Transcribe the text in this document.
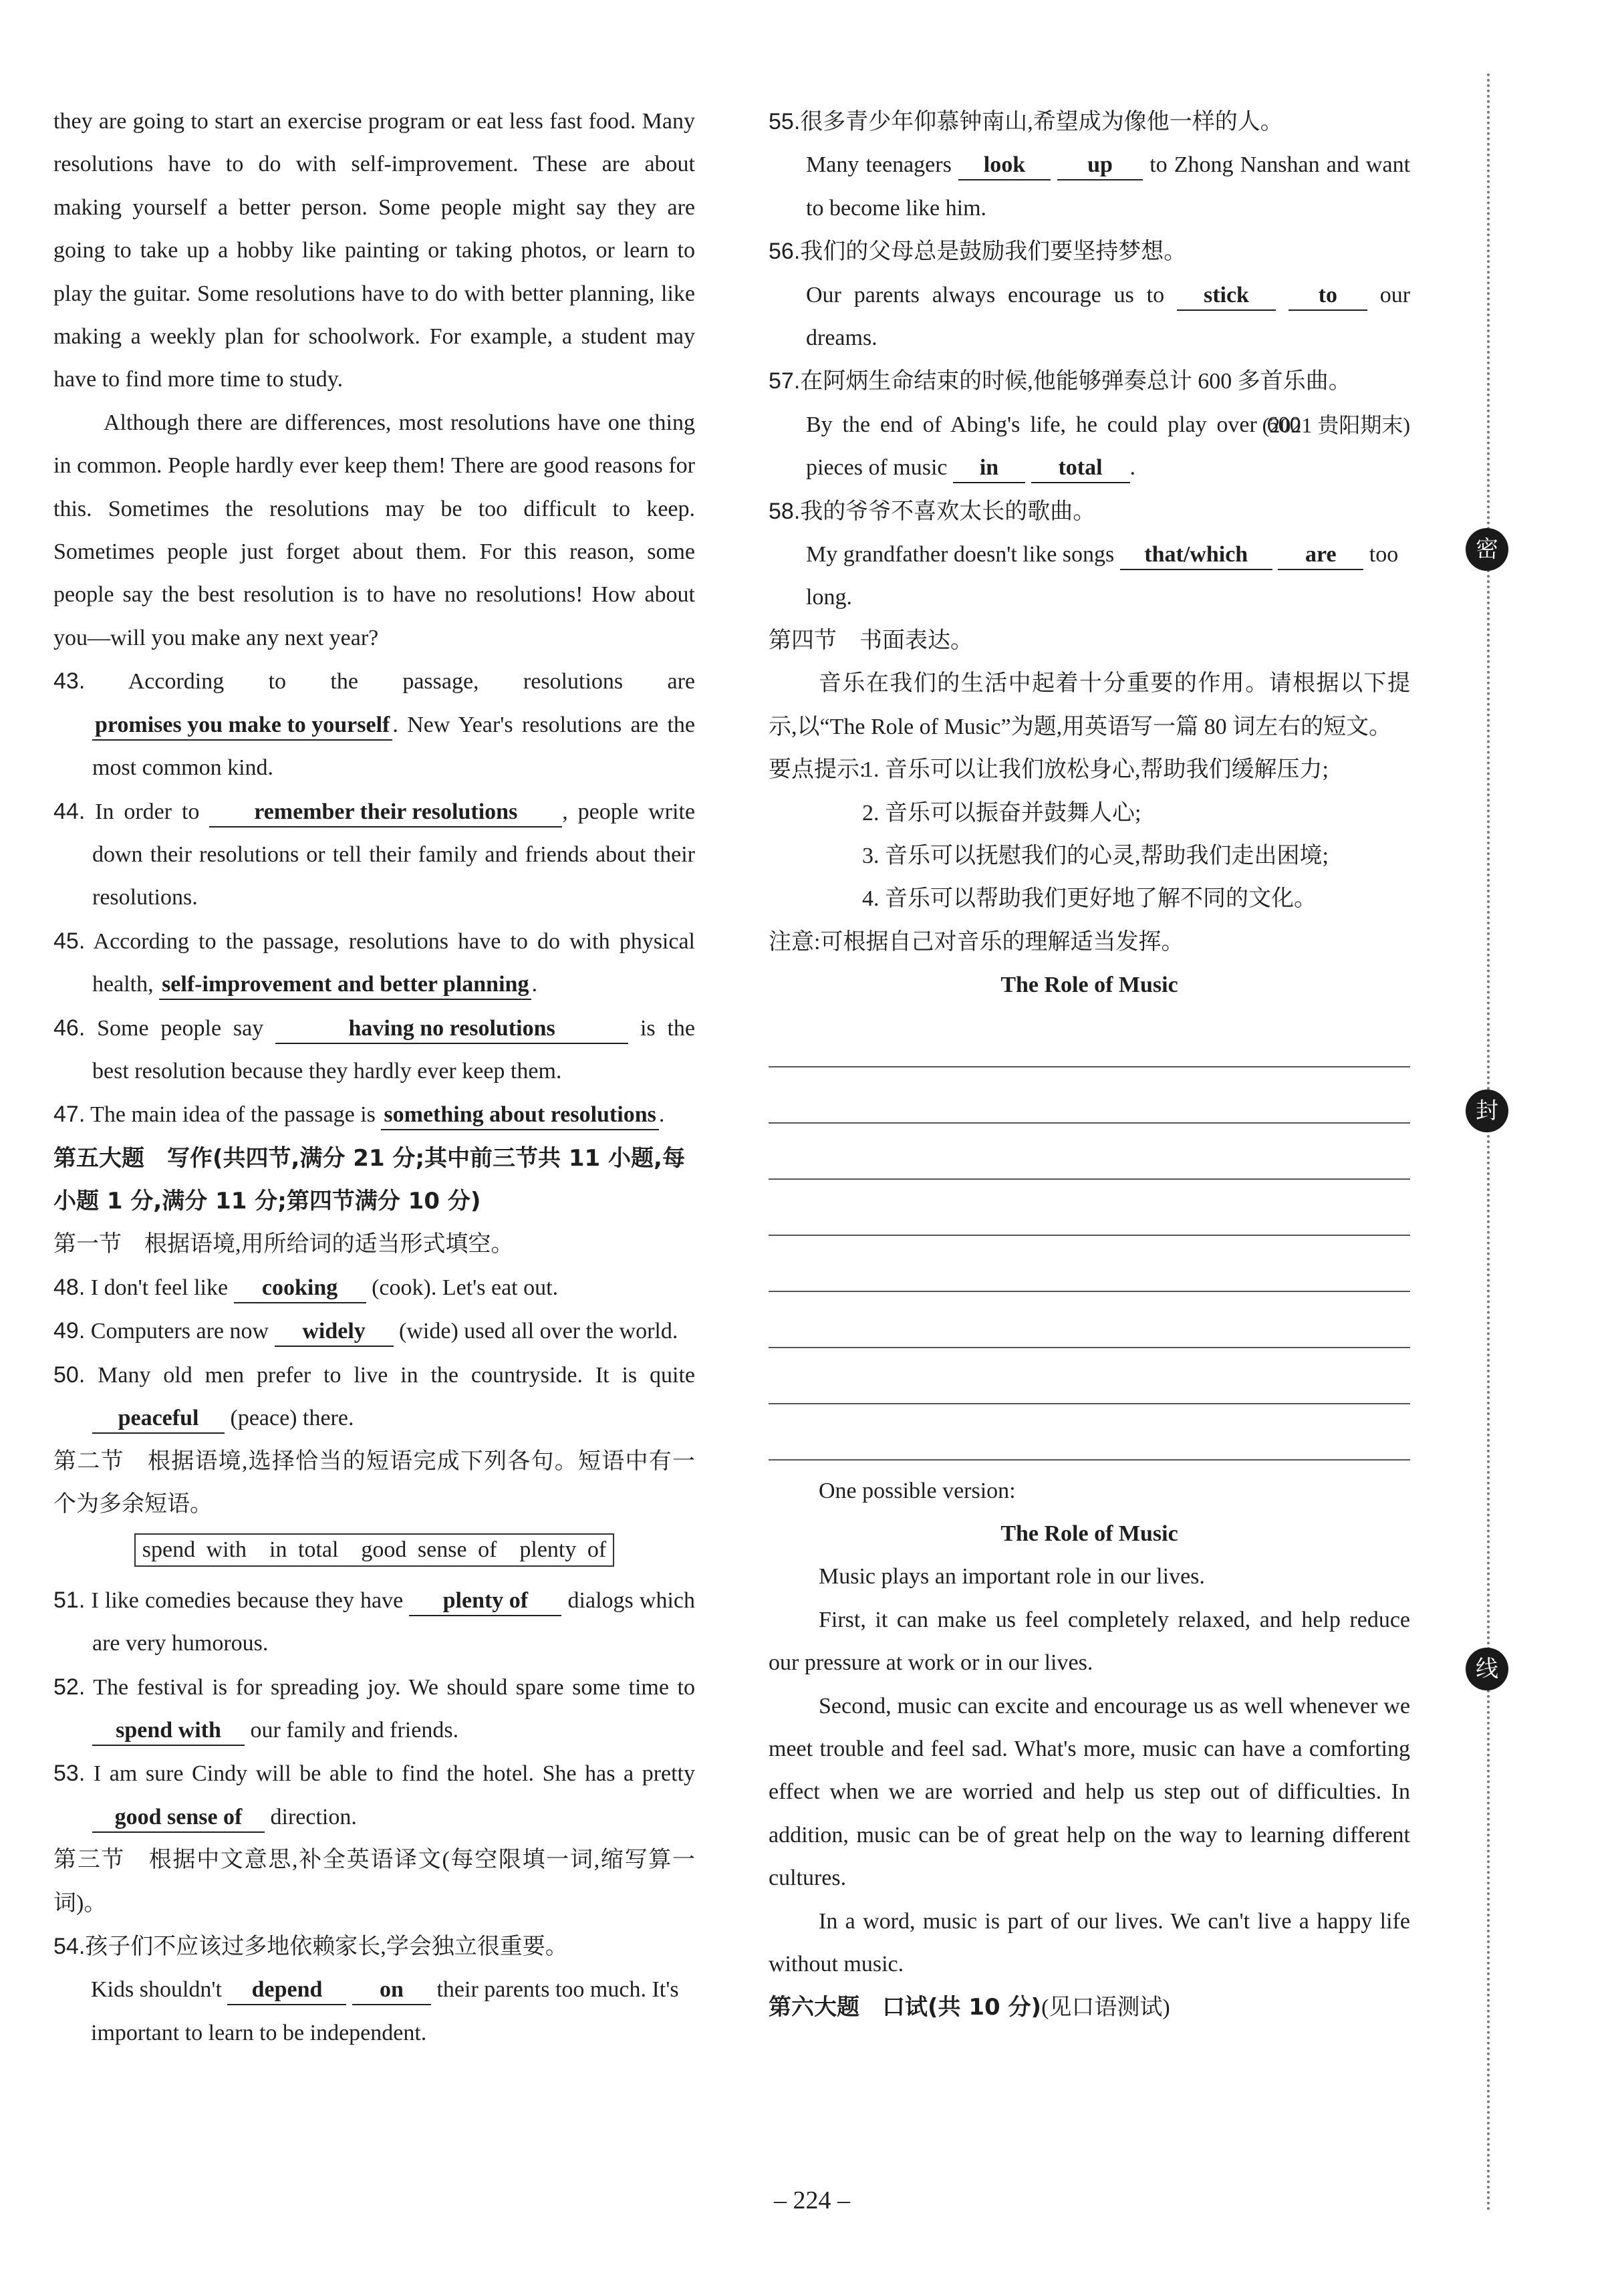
they are going to start an exercise program or eat less fast food. Many resolutions have to do with self-improvement. These are about making yourself a better person. Some people might say they are going to take up a hobby like painting or taking photos, or learn to play the guitar. Some resolutions have to do with better planning, like making a weekly plan for schoolwork. For example, a student may have to find more time to study.

Although there are differences, most resolutions have one thing in common. People hardly ever keep them! There are good reasons for this. Sometimes the resolutions may be too difficult to keep. Sometimes people just forget about them. For this reason, some people say the best resolution is to have no resolutions! How about you—will you make any next year?

43. According to the passage, resolutions are promises you make to yourself . New Year's resolutions are the most common kind.

44. In order to remember their resolutions , people write down their resolutions or tell their family and friends about their resolutions.

45. According to the passage, resolutions have to do with physical health, self-improvement and better planning .

46. Some people say	having no resolutions	is the best resolution because they hardly ever keep them.

47. The main idea of the passage is something about resolutions .

第五大题　写作(共四节,满分 21 分;其中前三节共 11 小题,每小题 1 分,满分 11 分;第四节满分 10 分)

第一节　根据语境,用所给词的适当形式填空。

48. I don't feel like cooking (cook). Let's eat out.

49. Computers are now widely (wide) used all over the world.

50. Many old men prefer to live in the countryside. It is quite peaceful (peace) there.

第二节　根据语境,选择恰当的短语完成下列各句。短语中有一个为多余短语。

spend with　in total　good sense of　plenty of

51. I like comedies because they have plenty of dialogs which are very humorous.

52. The festival is for spreading joy. We should spare some time to spend with our family and friends.

53. I am sure Cindy will be able to find the hotel. She has a pretty good sense of direction.

第三节　根据中文意思,补全英语译文(每空限填一词,缩写算一词)。

54.孩子们不应该过多地依赖家长,学会独立很重要。

Kids shouldn't depend	on their parents too much. It's important to learn to be independent.

55.很多青少年仰慕钟南山,希望成为像他一样的人。

Many teenagers look	up to Zhong Nanshan and want to become like him.

56.我们的父母总是鼓励我们要坚持梦想。

Our parents always encourage us to stick	to our dreams.

57.在阿炳生命结束的时候,他能够弹奏总计 600 多首乐曲。
(2021 贵阳期末)

By the end of Abing's life, he could play over 600 pieces of music in	total .

58.我的爷爷不喜欢太长的歌曲。

My grandfather doesn't like songs that/which	are too long.

第四节　书面表达。

音乐在我们的生活中起着十分重要的作用。请根据以下提示,以“The Role of Music”为题,用英语写一篇 80 词左右的短文。

要点提示:

1. 音乐可以让我们放松身心,帮助我们缓解压力;

2. 音乐可以振奋并鼓舞人心;

3. 音乐可以抚慰我们的心灵,帮助我们走出困境;

4. 音乐可以帮助我们更好地了解不同的文化。

注意:可根据自己对音乐的理解适当发挥。

The Role of Music

One possible version:

The Role of Music

Music plays an important role in our lives.

First, it can make us feel completely relaxed, and help reduce our pressure at work or in our lives.

Second, music can excite and encourage us as well whenever we meet trouble and feel sad. What's more, music can have a comforting effect when we are worried and help us step out of difficulties. In addition, music can be of great help on the way to learning different cultures.

In a word, music is part of our lives. We can't live a happy life without music.

第六大题　口试(共 10 分)(见口语测试)

密
封
线
– 224 –
